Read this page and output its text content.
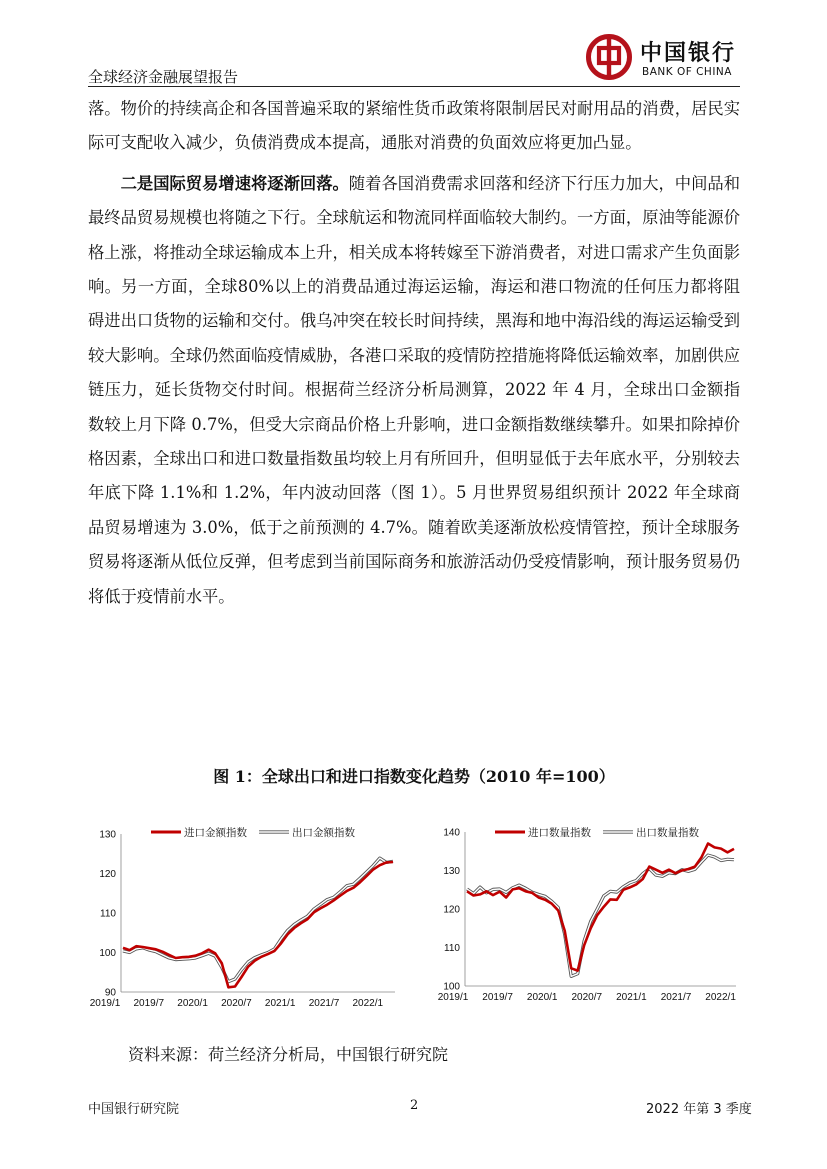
全球经济金融展望报告
中国银行
BANK OF CHINA

落。物价的持续高企和各国普遍采取的紧缩性货币政策将限制居民对耐用品的消费，居民实际可支配收入减少，负债消费成本提高，通胀对消费的负面效应将更加凸显。

二是国际贸易增速将逐渐回落。随着各国消费需求回落和经济下行压力加大，中间品和最终品贸易规模也将随之下行。全球航运和物流同样面临较大制约。一方面，原油等能源价格上涨，将推动全球运输成本上升，相关成本将转嫁至下游消费者，对进口需求产生负面影响。另一方面，全球80%以上的消费品通过海运运输，海运和港口物流的任何压力都将阻碍进出口货物的运输和交付。俄乌冲突在较长时间持续，黑海和地中海沿线的海运运输受到较大影响。全球仍然面临疫情威胁，各港口采取的疫情防控措施将降低运输效率，加剧供应链压力，延长货物交付时间。根据荷兰经济分析局测算，2022 年 4 月，全球出口金额指数较上月下降 0.7%，但受大宗商品价格上升影响，进口金额指数继续攀升。如果扣除掉价格因素，全球出口和进口数量指数虽均较上月有所回升，但明显低于去年底水平，分别较去年底下降 1.1%和 1.2%，年内波动回落（图 1）。5 月世界贸易组织预计 2022 年全球商品贸易增速为 3.0%，低于之前预测的 4.7%。随着欧美逐渐放松疫情管控，预计全球服务贸易将逐渐从低位反弹，但考虑到当前国际商务和旅游活动仍受疫情影响，预计服务贸易仍将低于疫情前水平。

图 1：全球出口和进口指数变化趋势（2010 年=100）
90
100
110
120
130
2019/1 2019/7 2020/1 2020/7 2021/1 2021/7 2022/1
进口金额指数	出口金额指数
100
110
120
130
140
2019/1 2019/7 2020/1 2020/7 2021/1 2021/7 2022/1
进口数量指数	出口数量指数
资料来源：荷兰经济分析局，中国银行研究院
中国银行研究院	2	2022 年第 3 季度
